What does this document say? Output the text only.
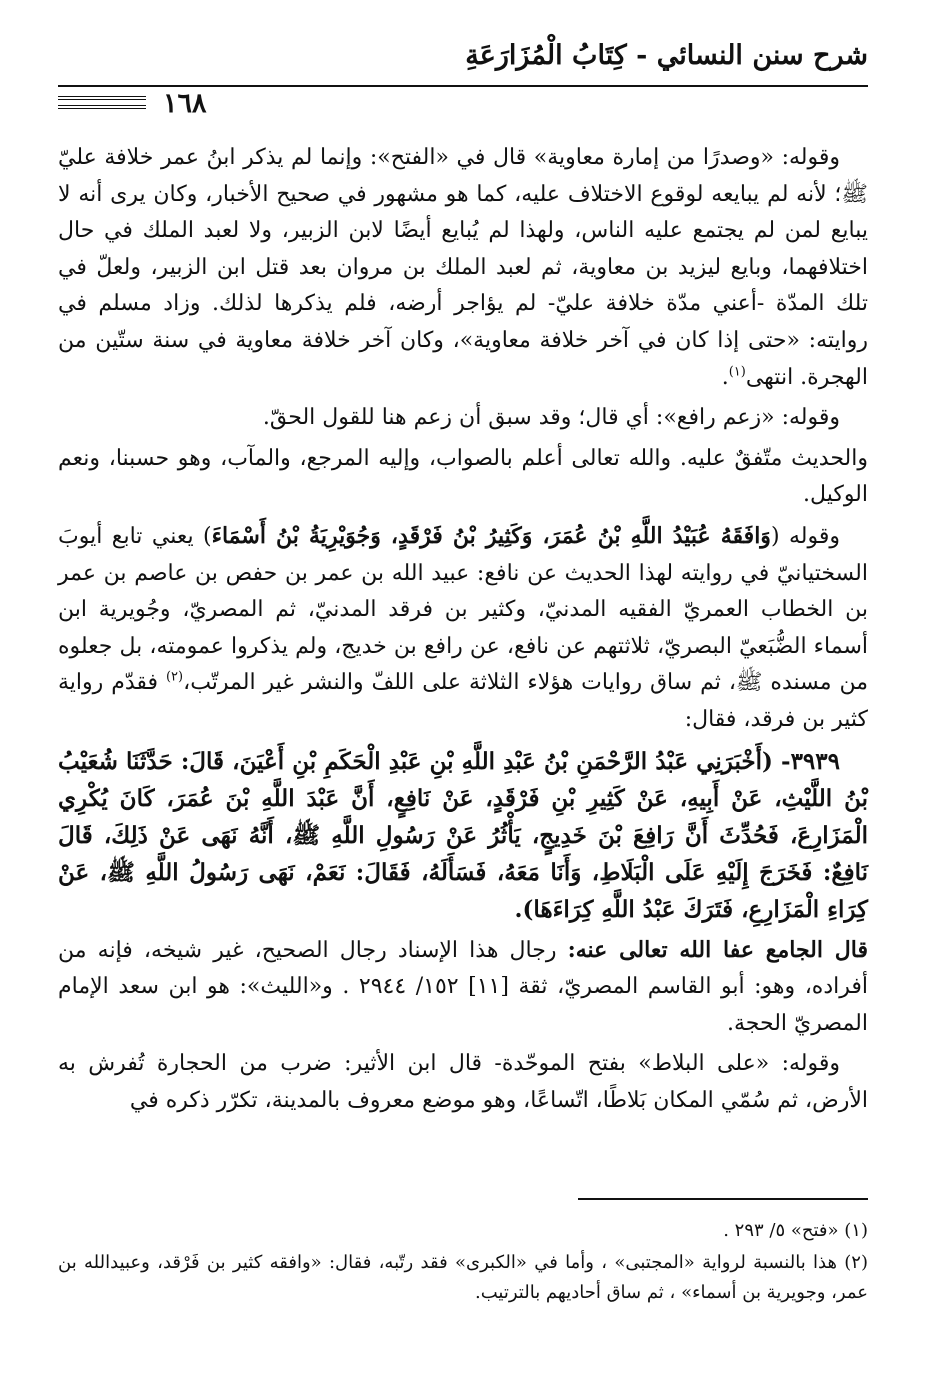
شرح سنن النسائي - كِتَابُ الْمُزَارَعَةِ
١٦٨

وقوله: «وصدرًا من إمارة معاوية» قال في «الفتح»: وإنما لم يذكر ابنُ عمر خلافة عليّ ﷺ؛ لأنه لم يبايعه لوقوع الاختلاف عليه، كما هو مشهور في صحيح الأخبار، وكان يرى أنه لا يبايع لمن لم يجتمع عليه الناس، ولهذا لم يُبايع أيضًا لابن الزبير، ولا لعبد الملك في حال اختلافهما، وبايع ليزيد بن معاوية، ثم لعبد الملك بن مروان بعد قتل ابن الزبير، ولعلّ في تلك المدّة -أعني مدّة خلافة عليّ- لم يؤاجر أرضه، فلم يذكرها لذلك. وزاد مسلم في روايته: «حتى إذا كان في آخر خلافة معاوية»، وكان آخر خلافة معاوية في سنة ستّين من الهجرة. انتهى$^{(١)}$.

وقوله: «زعم رافع»: أي قال؛ وقد سبق أن زعم هنا للقول الحقّ.

والحديث متّفقٌ عليه. والله تعالى أعلم بالصواب، وإليه المرجع، والمآب، وهو حسبنا، ونعم الوكيل.

وقوله (وَافَقَهُ عُبَيْدُ اللَّهِ بْنُ عُمَرَ، وَكَثِيرُ بْنُ فَرْقَدٍ، وَجُوَيْرِيَةُ بْنُ أَسْمَاءَ) يعني تابع أيوبَ السختيانيّ في روايته لهذا الحديث عن نافع: عبيد الله بن عمر بن حفص بن عاصم بن عمر بن الخطاب العمريّ الفقيه المدنيّ، وكثير بن فرقد المدنيّ، ثم المصريّ، وجُويرية ابن أسماء الضُّبَعيّ البصريّ، ثلاثتهم عن نافع، عن رافع بن خديج، ولم يذكروا عمومته، بل جعلوه من مسنده ﷺ، ثم ساق روايات هؤلاء الثلاثة على اللفّ والنشر غير المرتّب،$^{(٢)}$ فقدّم رواية كثير بن فرقد، فقال:

٣٩٣٩- (أَخْبَرَنِي عَبْدُ الرَّحْمَنِ بْنُ عَبْدِ اللَّهِ بْنِ عَبْدِ الْحَكَمِ بْنِ أَعْيَنَ، قَالَ: حَدَّثَنَا شُعَيْبُ بْنُ اللَّيْثِ، عَنْ أَبِيهِ، عَنْ كَثِيرِ بْنِ فَرْقَدٍ، عَنْ نَافِعٍ، أَنَّ عَبْدَ اللَّهِ بْنَ عُمَرَ، كَانَ يُكْرِي الْمَزَارِعَ، فَحُدِّثَ أَنَّ رَافِعَ بْنَ خَدِيجٍ، يَأْثُرُ عَنْ رَسُولِ اللَّهِ ﷺ، أَنَّهُ نَهَى عَنْ ذَلِكَ، قَالَ نَافِعٌ: فَخَرَجَ إِلَيْهِ عَلَى الْبَلَاطِ، وَأَنَا مَعَهُ، فَسَأَلَهُ، فَقَالَ: نَعَمْ، نَهَى رَسُولُ اللَّهِ ﷺ، عَنْ كِرَاءِ الْمَزَارِعِ، فَتَرَكَ عَبْدُ اللَّهِ كِرَاءَهَا).

قال الجامع عفا الله تعالى عنه: رجال هذا الإسناد رجال الصحيح، غير شيخه، فإنه من أفراده، وهو: أبو القاسم المصريّ، ثقة [١١] ١٥٢/ ٢٩٤٤ . و«الليث»: هو ابن سعد الإمام المصريّ الحجة.

وقوله: «على البلاط» بفتح الموحّدة- قال ابن الأثير: ضرب من الحجارة تُفرش به الأرض، ثم سُمّي المكان بَلاطًا، اتّساعًا، وهو موضع معروف بالمدينة، تكرّر ذكره في

(١) «فتح» ٥/ ٢٩٣ .

(٢) هذا بالنسبة لرواية «المجتبى» ، وأما في «الكبرى» فقد رتّبه، فقال: «وافقه كثير بن فَرْقد، وعبيدالله بن عمر، وجويرية بن أسماء» ، ثم ساق أحاديهم بالترتيب.
